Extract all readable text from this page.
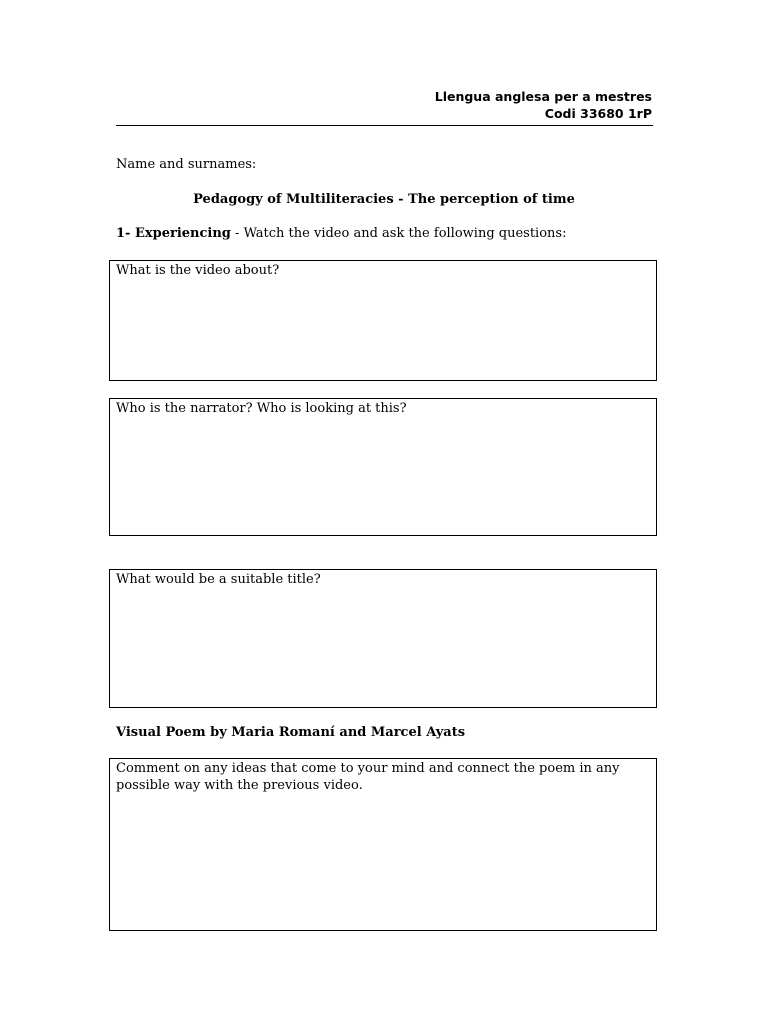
Llengua anglesa per a mestres
Codi 33680 1rP
Name and surnames:
Pedagogy of Multiliteracies - The perception of time
1- Experiencing - Watch the video and ask the following questions:
What is the video about?
Who is the narrator? Who is looking at this?
What would be a suitable title?
Visual Poem by Maria Romaní and Marcel Ayats
Comment on any ideas that come to your mind and connect the poem in any possible way with the previous video.
